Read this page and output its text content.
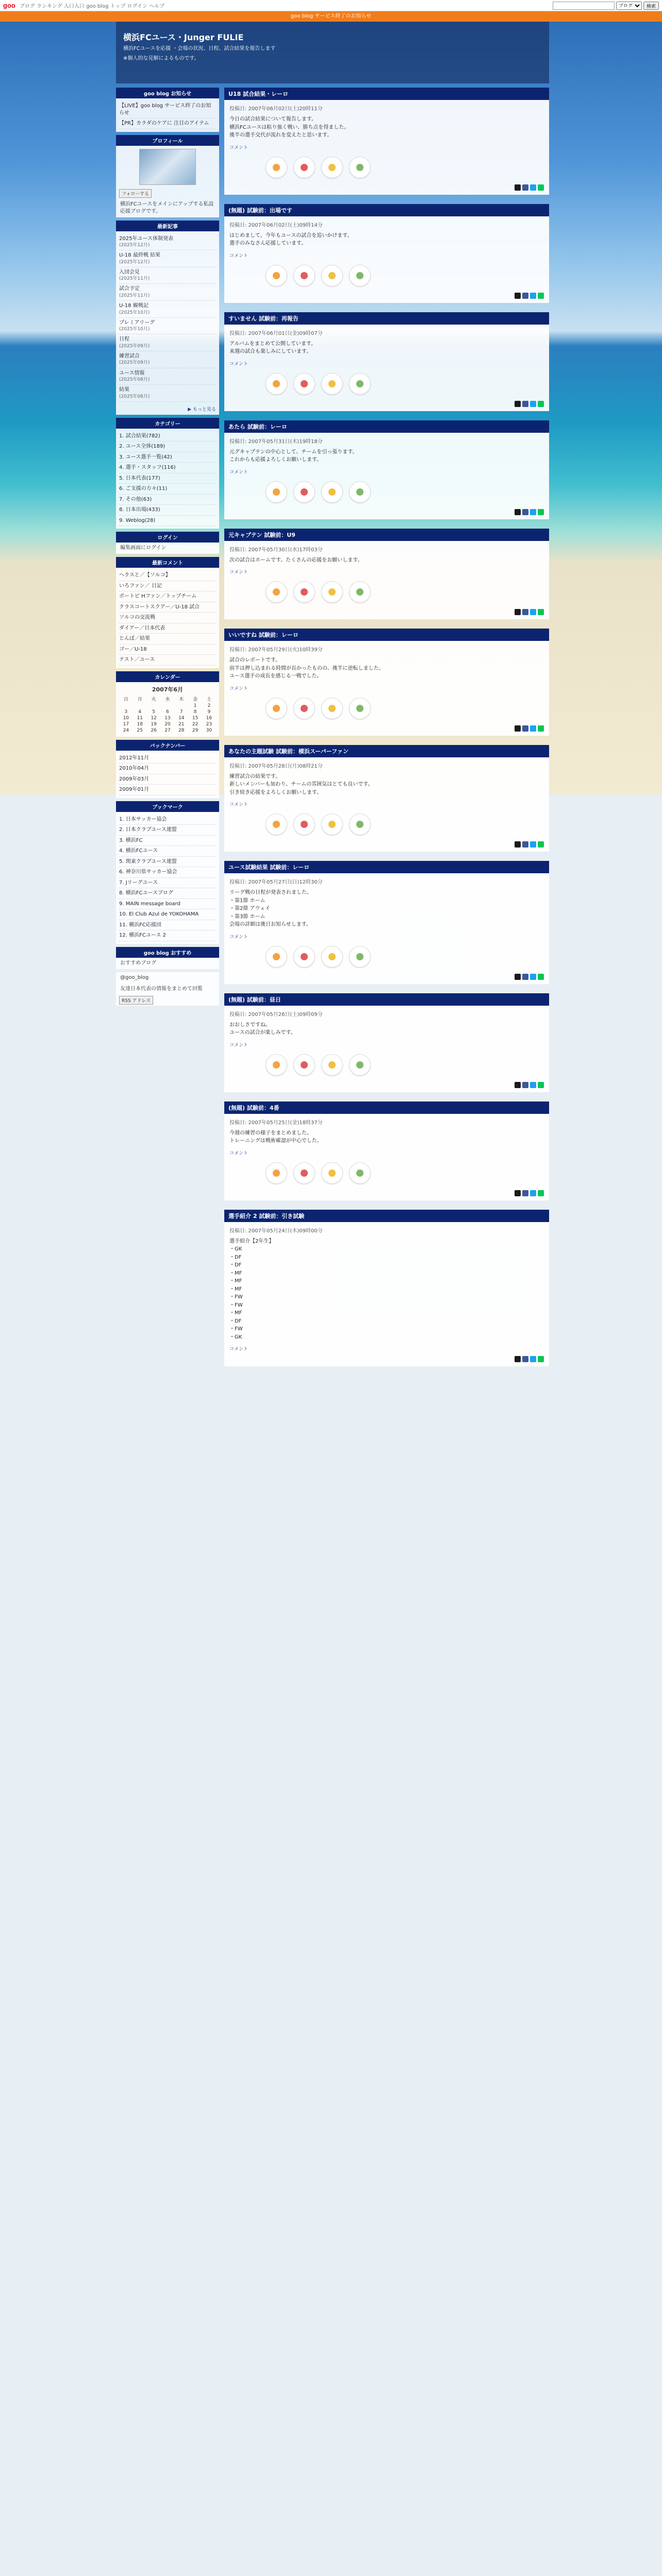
goo ブログ ランキング 入口入口 goo blog トップ ログイン ヘルプ
ブログ	検索
goo blog サービス終了のお知らせ
横浜FCユース・Junger FULIE

横浜FCユースを応援 ・会場の状況、日程、試合結果を報告します

※個人的な見解によるものです。

goo blog お知らせ
【LIVE】goo blog サービス終了のお知らせ
【PR】カラダのケアに 注目のアイテム
プロフィール
フォローする
横浜FCユースをメインにアップする私設応援ブログです。
最新記事
2025年ユース体制発表
(2025年12月)
U-18 最終戦 結果
(2025年12月)
入団会見
(2025年11月)
試合予定
(2025年11月)
U-18 観戦記
(2025年10月)
プレミアリーグ
(2025年10月)
日程
(2025年09月)
練習試合
(2025年09月)
ユース情報
(2025年08月)
結果
(2025年08月)
▶ もっと見る
カテゴリー
1. 試合結果(782)
2. ユース全体(189)
3. ユース選手一覧(42)
4. 選手・スタッフ(116)
5. 日本代表(177)
6. ご支援の方々(11)
7. その他(63)
8. 日本出場(433)
9. Weblog(28)
ログイン
編集画面にログイン
最新コメント
ヘラスと／【ソルコ】
いろファン／ 日記
ポートピ Hファン／トップチーム
クラスコートスクアー／U-18 試合
ソルコの交流戦
ダイアー／日本代表
とんぼ／結果
ゴー／U-18
テスト／ユース
カレンダー
2007年6月
日	月	火	水	木	金	土
					1	2
3	4	5	6	7	8	9
10	11	12	13	14	15	16
17	18	19	20	21	22	23
24	25	26	27	28	29	30
バックナンバー
2012年11月
2010年04月
2009年03月
2009年01月
ブックマーク
1. 日本サッカー協会
2. 日本クラブユース連盟
3. 横浜FC
4. 横浜FCユース
5. 関東クラブユース連盟
6. 神奈川県サッカー協会
7. Jリーグユース
8. 横浜FCユースブログ
9. MAIN message board
10. El Club Azul de YOKOHAMA
11. 横浜FC応援団
12. 横浜FCユース 2
goo blog おすすめ
おすすめブログ
@goo_blog
友達日本代表の情報をまとめて回覧
RSS アドレス
U18 試合結果・レーロ
投稿日: 2007年06月02日(土)20時11分
今日の試合結果について報告します。
横浜FCユースは粘り強く戦い、勝ち点を得ました。
後半の選手交代が流れを変えたと思います。
コメント
(無題) 試験前：出場です
投稿日: 2007年06月02日(土)09時14分
はじめまして。今年もユースの試合を追いかけます。
選手のみなさん応援しています。
コメント
すいません 試験前：再報告
投稿日: 2007年06月01日(金)09時07分
アルバムをまとめて公開しています。
来週の試合も楽しみにしています。
コメント
あたら 試験前：レーロ
投稿日: 2007年05月31日(木)19時18分
元グキャプテンの中心として、チームを引っ張ります。
これからも応援よろしくお願いします。
コメント
元キャプテン 試験前：U9
投稿日: 2007年05月30日(水)17時03分
次の試合はホームです。たくさんの応援をお願いします。
コメント
いいですね 試験前：レーロ
投稿日: 2007年05月29日(火)10時39分
試合のレポートです。
前半は押し込まれる時間が長かったものの、後半に逆転しました。
ユース選手の成長を感じる一戦でした。
コメント
あなたの主題試験 試験前：横浜スーパーファン
投稿日: 2007年05月28日(月)08時21分
練習試合の結果です。
新しいメンバーも加わり、チームの雰囲気はとても良いです。
引き続き応援をよろしくお願いします。
コメント
ユース試験結果 試験前：レーロ
投稿日: 2007年05月27日(日)12時30分
リーグ戦の日程が発表されました。
・第1節 ホーム
・第2節 アウェイ
・第3節 ホーム
会場の詳細は後日お知らせします。
コメント
(無題) 試験前：昼日
投稿日: 2007年05月26日(土)09時09分
おおしさですね。
ユースの試合が楽しみです。
コメント
(無題) 試験前：4番
投稿日: 2007年05月25日(金)18時37分
今週の練習の様子をまとめました。
トレーニングは戦術確認が中心でした。
コメント
選手紹介 2 試験前：引き試験
投稿日: 2007年05月24日(木)09時00分
選手紹介【2年生】
・GK
・DF
・DF
・MF
・MF
・MF
・FW
・FW
・MF
・DF
・FW
・GK
コメント
